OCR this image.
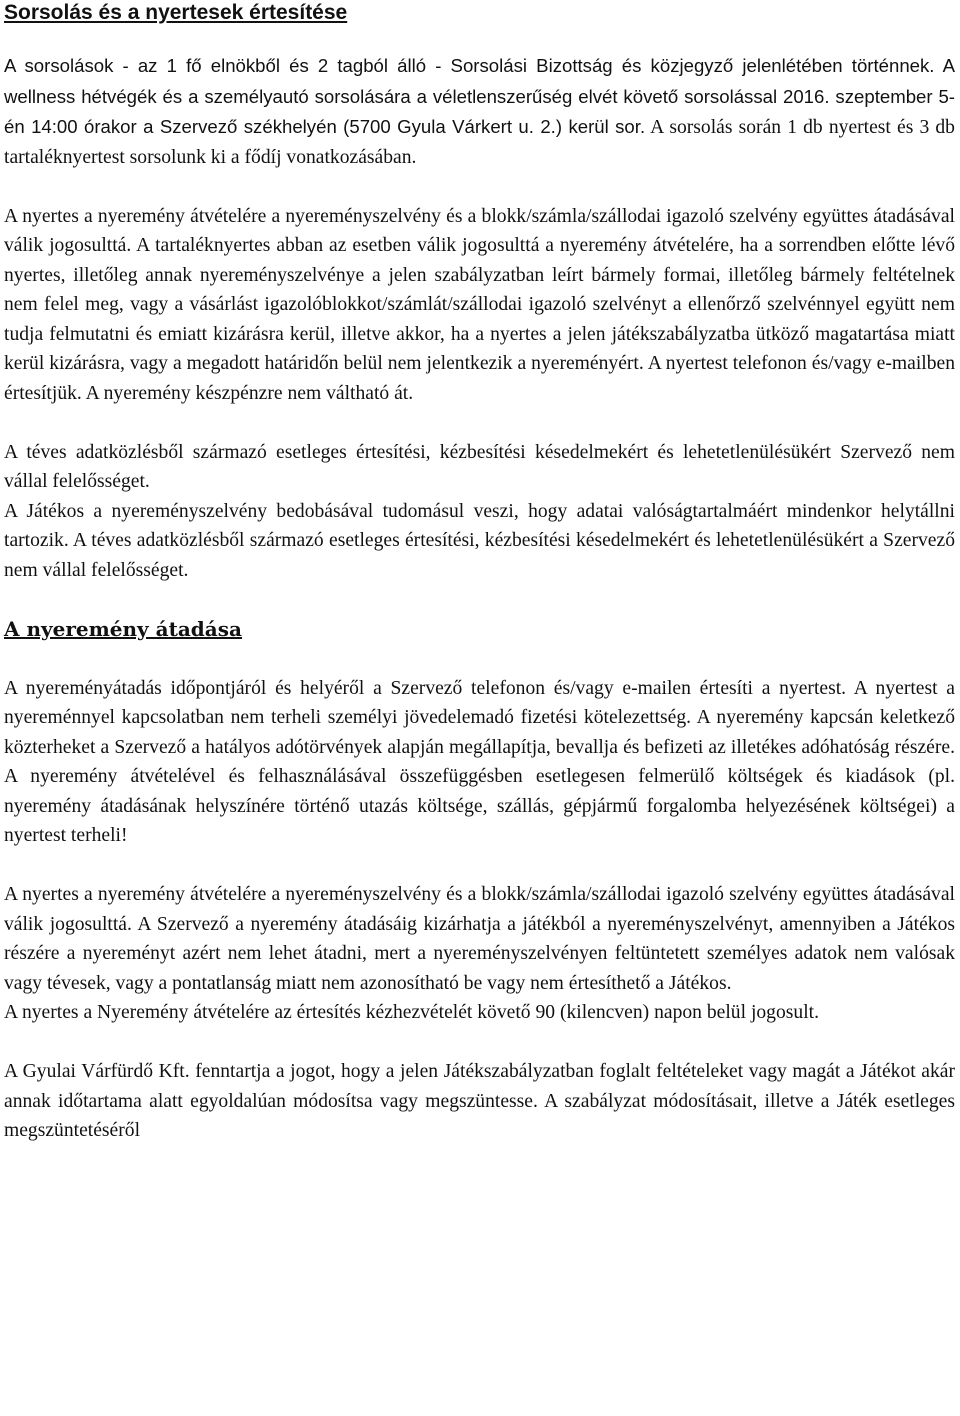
Sorsolás és a nyertesek értesítése

A sorsolások - az 1 fő elnökből és 2 tagból álló - Sorsolási Bizottság és közjegyző jelenlétében történnek. A wellness hétvégék és a személyautó sorsolására a véletlenszerűség elvét követő sorsolással 2016. szeptember 5-én 14:00 órakor a Szervező székhelyén (5700 Gyula Várkert u. 2.) kerül sor. A sorsolás során 1 db nyertest és 3 db tartaléknyertest sorsolunk ki a fődíj vonatkozásában.

A nyertes a nyeremény átvételére a nyereményszelvény és a blokk/számla/szállodai igazoló szelvény együttes átadásával válik jogosulttá. A tartaléknyertes abban az esetben válik jogosulttá a nyeremény átvételére, ha a sorrendben előtte lévő nyertes, illetőleg annak nyereményszelvénye a jelen szabályzatban leírt bármely formai, illetőleg bármely feltételnek nem felel meg, vagy a vásárlást igazolóblokkot/számlát/szállodai igazoló szelvényt a ellenőrző szelvénnyel együtt nem tudja felmutatni és emiatt kizárásra kerül, illetve akkor, ha a nyertes a jelen játékszabályzatba ütköző magatartása miatt kerül kizárásra, vagy a megadott határidőn belül nem jelentkezik a nyereményért. A nyertest telefonon és/vagy e-mailben értesítjük. A nyeremény készpénzre nem váltható át.

A téves adatközlésből származó esetleges értesítési, kézbesítési késedelmekért és lehetetlenülésükért Szervező nem vállal felelősséget.

A Játékos a nyereményszelvény bedobásával tudomásul veszi, hogy adatai valóságtartalmáért mindenkor helytállni tartozik. A téves adatközlésből származó esetleges értesítési, kézbesítési késedelmekért és lehetetlenülésükért a Szervező nem vállal felelősséget.

A nyeremény átadása

A nyereményátadás időpontjáról és helyéről a Szervező telefonon és/vagy e-mailen értesíti a nyertest. A nyertest a nyereménnyel kapcsolatban nem terheli személyi jövedelemadó fizetési kötelezettség. A nyeremény kapcsán keletkező közterheket a Szervező a hatályos adótörvények alapján megállapítja, bevallja és befizeti az illetékes adóhatóság részére. A nyeremény átvételével és felhasználásával összefüggésben esetlegesen felmerülő költségek és kiadások (pl. nyeremény átadásának helyszínére történő utazás költsége, szállás, gépjármű forgalomba helyezésének költségei) a nyertest terheli!

A nyertes a nyeremény átvételére a nyereményszelvény és a blokk/számla/szállodai igazoló szelvény együttes átadásával válik jogosulttá. A Szervező a nyeremény átadásáig kizárhatja a játékból a nyereményszelvényt, amennyiben a Játékos részére a nyereményt azért nem lehet átadni, mert a nyereményszelvényen feltüntetett személyes adatok nem valósak vagy tévesek, vagy a pontatlanság miatt nem azonosítható be vagy nem értesíthető a Játékos.

A nyertes a Nyeremény átvételére az értesítés kézhezvételét követő 90 (kilencven) napon belül jogosult.

A Gyulai Várfürdő Kft. fenntartja a jogot, hogy a jelen Játékszabályzatban foglalt feltételeket vagy magát a Játékot akár annak időtartama alatt egyoldalúan módosítsa vagy megszüntesse. A szabályzat módosításait, illetve a Játék esetleges megszüntetéséről
